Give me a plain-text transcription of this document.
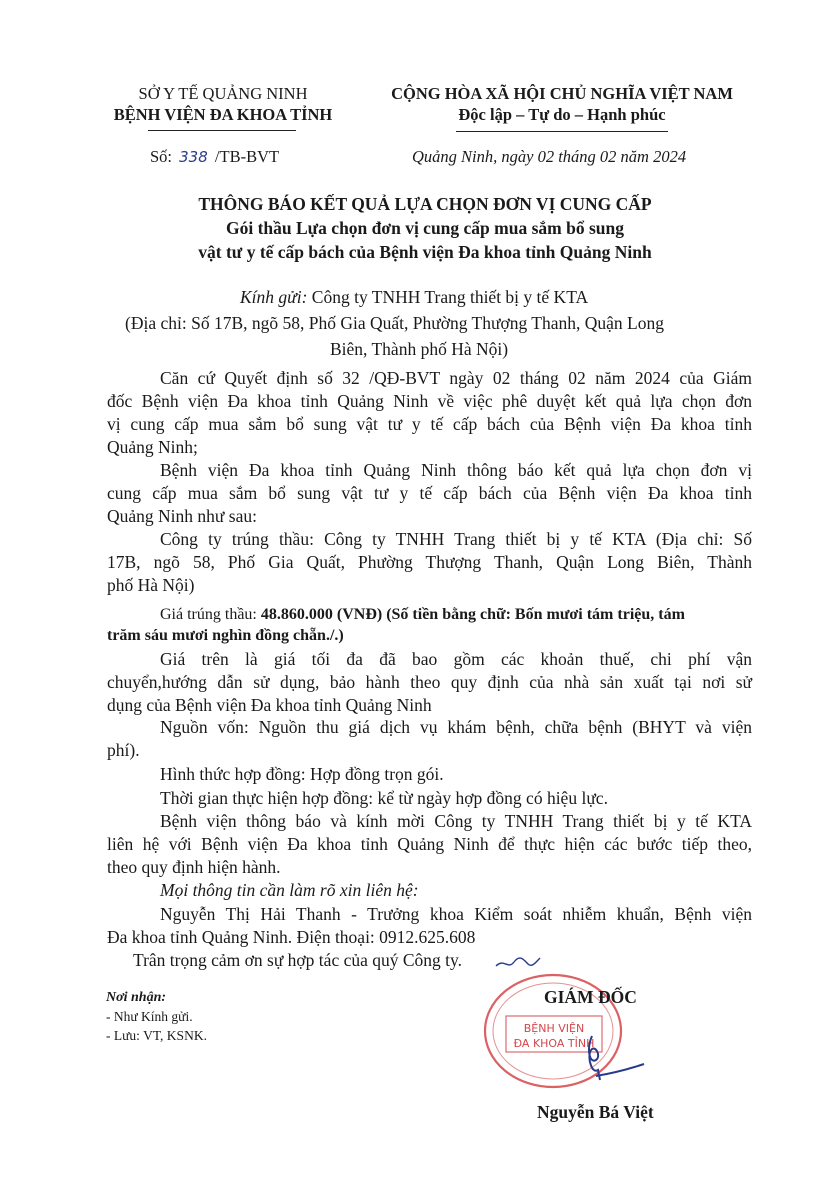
SỞ Y TẾ QUẢNG NINH
BỆNH VIỆN ĐA KHOA TỈNH
CỘNG HÒA XÃ HỘI CHỦ NGHĨA VIỆT NAM
Độc lập – Tự do – Hạnh phúc
Số: 338 /TB-BVT	Quảng Ninh, ngày 02 tháng 02 năm 2024
THÔNG BÁO KẾT QUẢ LỰA CHỌN ĐƠN VỊ CUNG CẤP
Gói thầu Lựa chọn đơn vị cung cấp mua sắm bổ sung
vật tư y tế cấp bách của Bệnh viện Đa khoa tỉnh Quảng Ninh
Kính gửi: Công ty TNHH Trang thiết bị y tế KTA
(Địa chỉ: Số 17B, ngõ 58, Phố Gia Quất, Phường Thượng Thanh, Quận Long
Biên, Thành phố Hà Nội)
Căn cứ Quyết định số 32 /QĐ-BVT ngày 02 tháng 02 năm 2024 của Giám
đốc Bệnh viện Đa khoa tỉnh Quảng Ninh về việc phê duyệt kết quả lựa chọn đơn
vị cung cấp mua sắm bổ sung vật tư y tế cấp bách của Bệnh viện Đa khoa tỉnh
Quảng Ninh;
Bệnh viện Đa khoa tỉnh Quảng Ninh thông báo kết quả lựa chọn đơn vị
cung cấp mua sắm bổ sung vật tư y tế cấp bách của Bệnh viện Đa khoa tỉnh
Quảng Ninh như sau:
Công ty trúng thầu: Công ty TNHH Trang thiết bị y tế KTA (Địa chỉ: Số
17B, ngõ 58, Phố Gia Quất, Phường Thượng Thanh, Quận Long Biên, Thành
phố Hà Nội)
Giá trúng thầu: 48.860.000 (VNĐ) (Số tiền bằng chữ: Bốn mươi tám triệu, tám
trăm sáu mươi nghìn đồng chẵn./.)
Giá trên là giá tối đa đã bao gồm các khoản thuế, chi phí vận
chuyển,hướng dẫn sử dụng, bảo hành theo quy định của nhà sản xuất tại nơi sử
dụng của Bệnh viện Đa khoa tỉnh Quảng Ninh
Nguồn vốn: Nguồn thu giá dịch vụ khám bệnh, chữa bệnh (BHYT và viện
phí).
Hình thức hợp đồng: Hợp đồng trọn gói.
Thời gian thực hiện hợp đồng: kể từ ngày hợp đồng có hiệu lực.
Bệnh viện thông báo và kính mời Công ty TNHH Trang thiết bị y tế KTA
liên hệ với Bệnh viện Đa khoa tỉnh Quảng Ninh để thực hiện các bước tiếp theo,
theo quy định hiện hành.
Mọi thông tin cần làm rõ xin liên hệ:
Nguyễn Thị Hải Thanh - Trưởng khoa Kiểm soát nhiễm khuẩn, Bệnh viện
Đa khoa tỉnh Quảng Ninh. Điện thoại: 0912.625.608
Trân trọng cảm ơn sự hợp tác của quý Công ty.
Nơi nhận:
- Như Kính gửi.
- Lưu: VT, KSNK.	BỆNH VIỆN
ĐA KHOA TỈNH
GIÁM ĐỐC
Nguyễn Bá Việt
